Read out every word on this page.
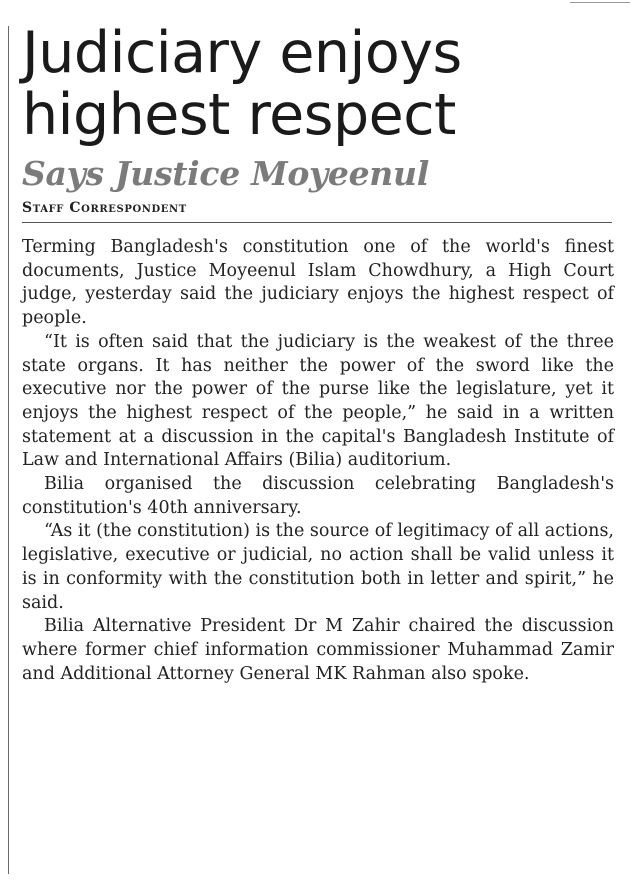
Judiciary enjoys
highest respect
Says Justice Moyeenul
Staff Correspondent

Terming Bangladesh's constitution one of the world's finest documents, Justice Moyeenul Islam Chowdhury, a High Court judge, yesterday said the judiciary enjoys the highest respect of people.

“It is often said that the judiciary is the weakest of the three state organs. It has neither the power of the sword like the executive nor the power of the purse like the legislature, yet it enjoys the highest respect of the people,” he said in a written statement at a discussion in the capital's Bangladesh Institute of Law and International Affairs (Bilia) auditorium.

Bilia organised the discussion celebrating Bangladesh's constitution's 40th anniversary.

“As it (the constitution) is the source of legitimacy of all actions, legislative, executive or judicial, no action shall be valid unless it is in conformity with the constitution both in letter and spirit,” he said.

Bilia Alternative President Dr M Zahir chaired the discussion where former chief information commissioner Muhammad Zamir and Additional Attorney General MK Rahman also spoke.
